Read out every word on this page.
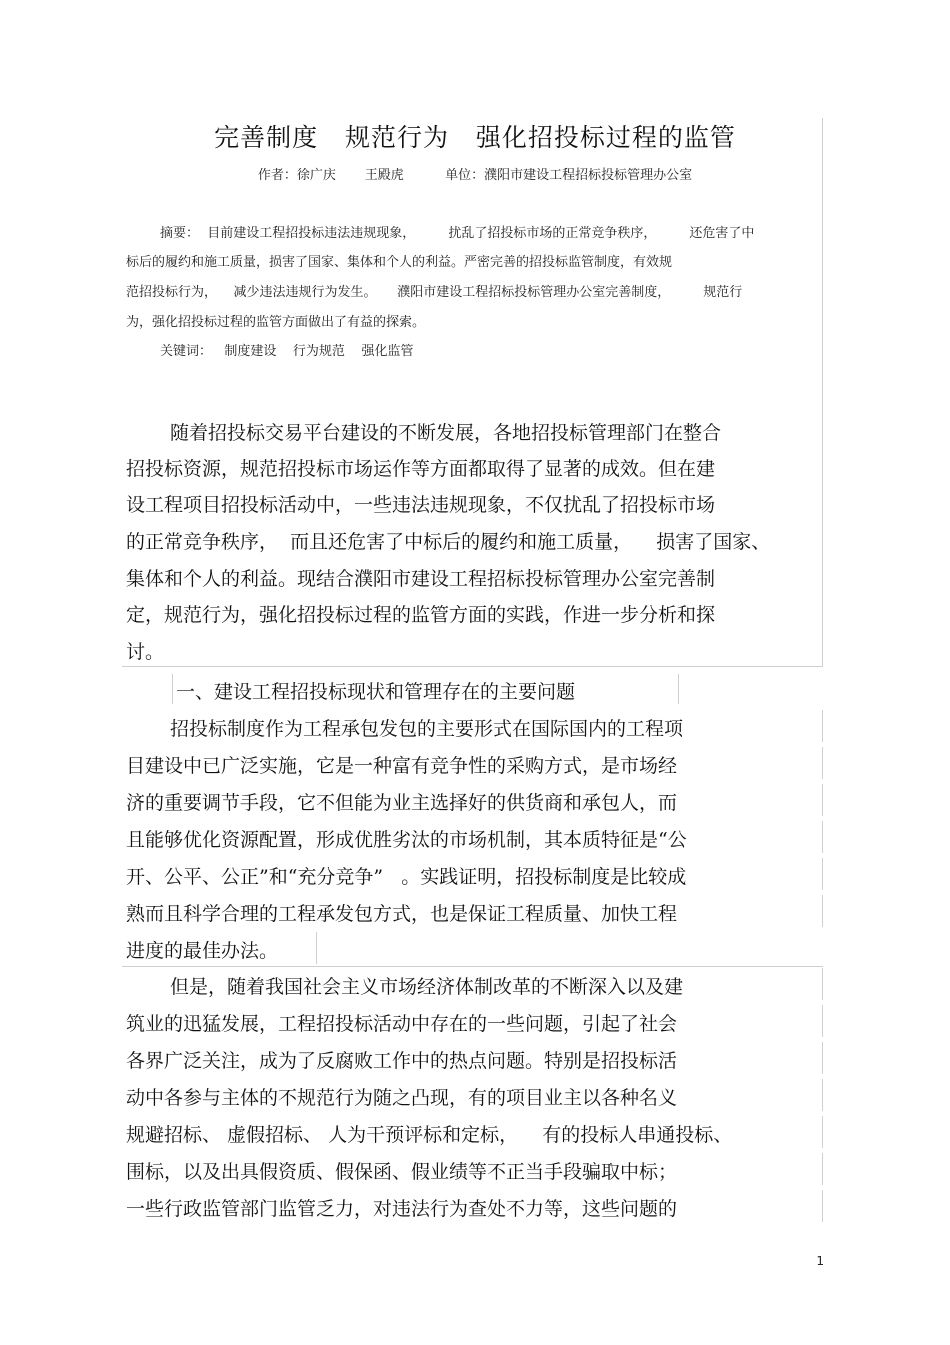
完善制度   规范行为   强化招投标过程的监管
作者：徐广庆       王殿虎          单位：濮阳市建设工程招标投标管理办公室
摘要：  目前建设工程招投标违法违规现象，        扰乱了招投标市场的正常竞争秩序，        还危害了中
标后的履约和施工质量，损害了国家、集体和个人的利益。严密完善的招投标监管制度，有效规
范招投标行为，    减少违法违规行为发生。     濮阳市建设工程招标投标管理办公室完善制度，        规范行
为，强化招投标过程的监管方面做出了有益的探索。
关键词：   制度建设    行为规范    强化监管
随着招投标交易平台建设的不断发展，各地招投标管理部门在整合
招投标资源，规范招投标市场运作等方面都取得了显著的成效。但在建
设工程项目招投标活动中，一些违法违规现象，不仅扰乱了招投标市场
的正常竞争秩序，  而且还危害了中标后的履约和施工质量，    损害了国家、
集体和个人的利益。现结合濮阳市建设工程招标投标管理办公室完善制
定，规范行为，强化招投标过程的监管方面的实践，作进一步分析和探
讨。
一、建设工程招投标现状和管理存在的主要问题
招投标制度作为工程承包发包的主要形式在国际国内的工程项
目建设中已广泛实施，它是一种富有竞争性的采购方式，是市场经
济的重要调节手段，它不但能为业主选择好的供货商和承包人，而
且能够优化资源配置，形成优胜劣汰的市场机制，其本质特征是“公
开、公平、公正”和“充分竞争”   。实践证明，招投标制度是比较成
熟而且科学合理的工程承发包方式，也是保证工程质量、加快工程
进度的最佳办法。
但是，随着我国社会主义市场经济体制改革的不断深入以及建
筑业的迅猛发展，工程招投标活动中存在的一些问题，引起了社会
各界广泛关注，成为了反腐败工作中的热点问题。特别是招投标活
动中各参与主体的不规范行为随之凸现，有的项目业主以各种名义
规避招标、 虚假招标、 人为干预评标和定标，    有的投标人串通投标、
围标，以及出具假资质、假保函、假业绩等不正当手段骗取中标；
一些行政监管部门监管乏力，对违法行为查处不力等，这些问题的
1
